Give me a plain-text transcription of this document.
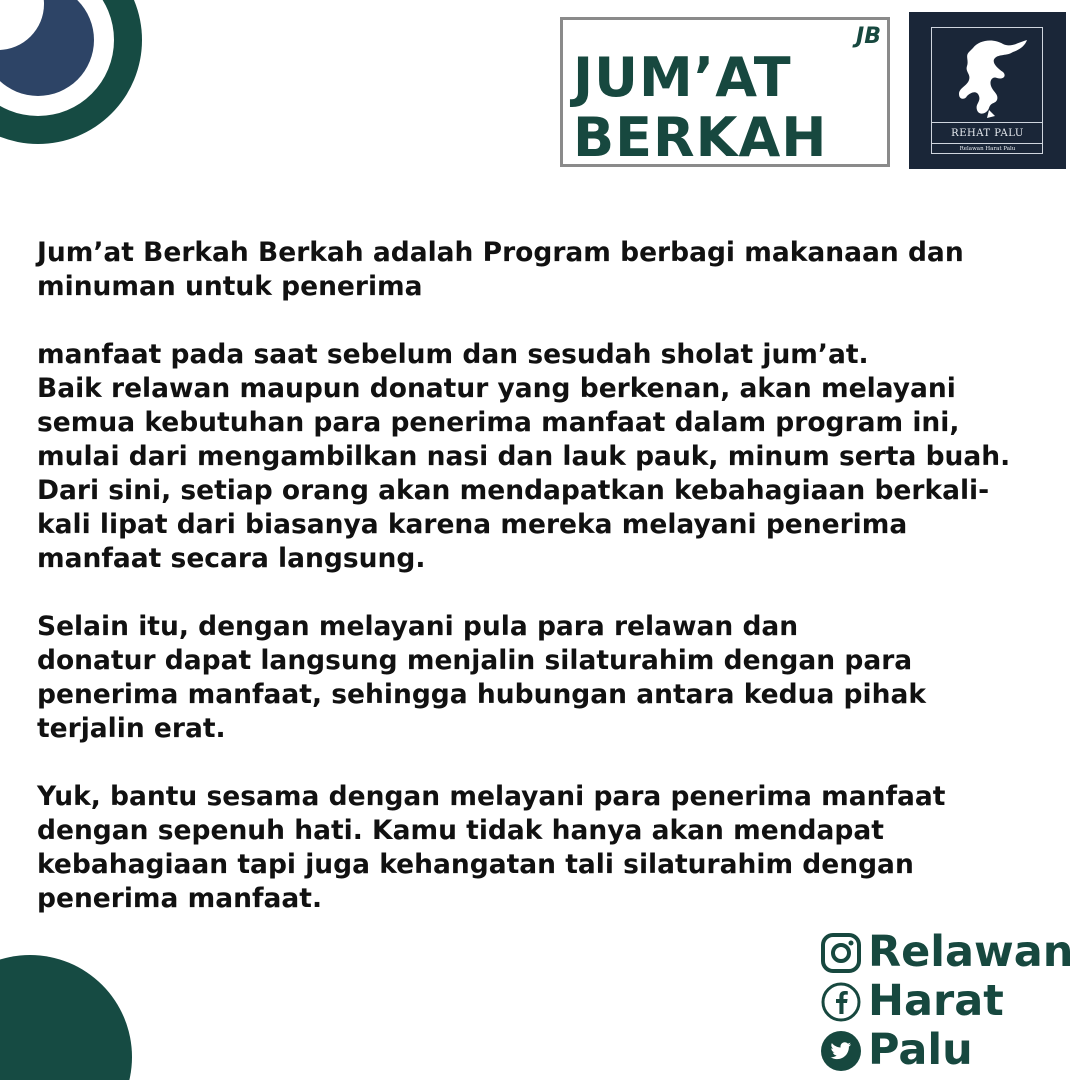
JB
JUM’AT
BERKAH	REHAT PALU
Relawan Harat Palu

Jum’at Berkah Berkah adalah Program berbagi makanaan dan minuman untuk penerima

manfaat pada saat sebelum dan sesudah sholat jum’at.

Baik relawan maupun donatur yang berkenan, akan melayani semua kebutuhan para penerima manfaat dalam program ini, mulai dari mengambilkan nasi dan lauk pauk, minum serta buah. Dari sini, setiap orang akan mendapatkan kebahagiaan berkali-kali lipat dari biasanya karena mereka melayani penerima manfaat secara langsung.

Selain itu, dengan melayani pula para relawan dan

donatur dapat langsung menjalin silaturahim dengan para penerima manfaat, sehingga hubungan antara kedua pihak terjalin erat.

Yuk, bantu sesama dengan melayani para penerima manfaat dengan sepenuh hati. Kamu tidak hanya akan mendapat kebahagiaan tapi juga kehangatan tali silaturahim dengan penerima manfaat.

Relawan
Harat
Palu
